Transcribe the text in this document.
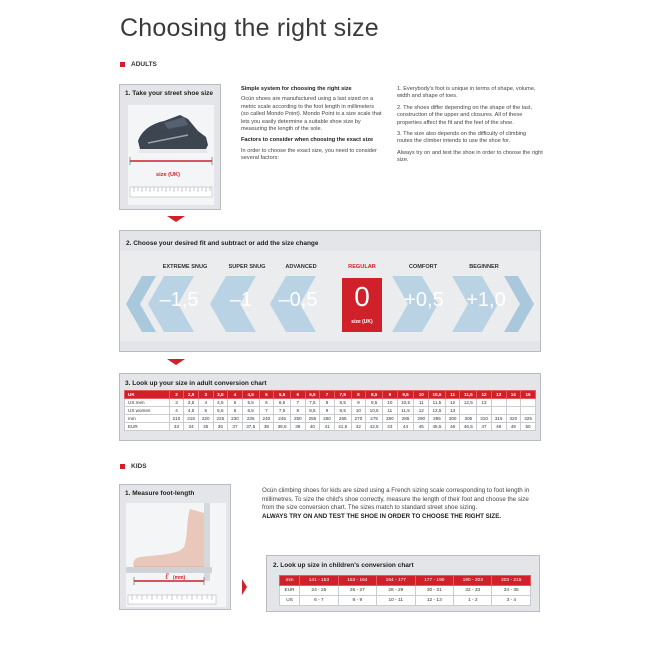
Choosing the right size
ADULTS
1. Take your street shoe size
size (UK)
Simple system for choosing the right size
Ocún shoes are manufactured using a last sized on a metric scale according to the foot length in millimeters (so called Mondo Point). Mondo Point is a size scale that lets you easily determine a suitable shoe size by measuring the length of the sole.
Factors to consider when choosing the exact size
In order to choose the exact size, you need to consider several factors:
1. Everybody's foot is unique in terms of shape, volume, width and shape of toes.
2. The shoes differ depending on the shape of the last, construction of the upper and closures. All of these properties affect the fit and the feel of the shoe.
3. The size also depends on the difficulty of climbing routes the climber intends to use the shoe for.
Always try on and test the shoe in order to choose the right size.
2. Choose your desired fit and subtract or add the size change
EXTREME SNUG	SUPER SNUG	ADVANCED	REGULAR	COMFORT	BEGINNER
–1,5	–1	–0,5	0
size (UK)
+0,5	+1,0
3. Look up your size in adult conversion chart
UK	2	2,5	3	3,5	4	4,5	5	5,5	6	6,5	7	7,5	8	8,5	9	9,5	10	10,5	11	11,5	12	13	14	15
US men	3	3,5	4	4,5	5	5,5	6	6,5	7	7,5	8	8,5	9	9,5	10	10,5	11	11,5	12	12,5	13			
US women	4	4,5	5	5,5	6	6,5	7	7,5	8	8,5	9	9,5	10	10,5	11	11,5	12	12,5	13					
mm	210	215	220	225	230	235	240	245	250	255	260	265	270	275	280	285	290	295	300	305	310	315	320	325
EUR	33	34	35	36	37	37,5	38	38,5	39	40	41	41,5	42	42,5	43	44	45	45,5	46	46,5	47	48	49	50
KIDS
1. Measure foot-length
ℓ (mm)
Ocún climbing shoes for kids are sized using a French sizing scale corresponding to foot length in millimetres. To size the child's shoe correctly, measure the length of their foot and choose the size from the size conversion chart. The sizes match to standard street shoe sizing.
ALWAYS TRY ON AND TEST THE SHOE IN ORDER TO CHOOSE THE RIGHT SIZE.
2. Look up size in children's conversion chart
mm	141 - 153	153 - 164	164 - 177	177 - 190	190 - 203	203 - 215
EUR	24 - 25	26 - 27	28 - 29	30 - 31	32 - 33	34 - 35
US	6 - 7	8 - 9	10 - 11	12 - 13	1 - 2	3 - 4
